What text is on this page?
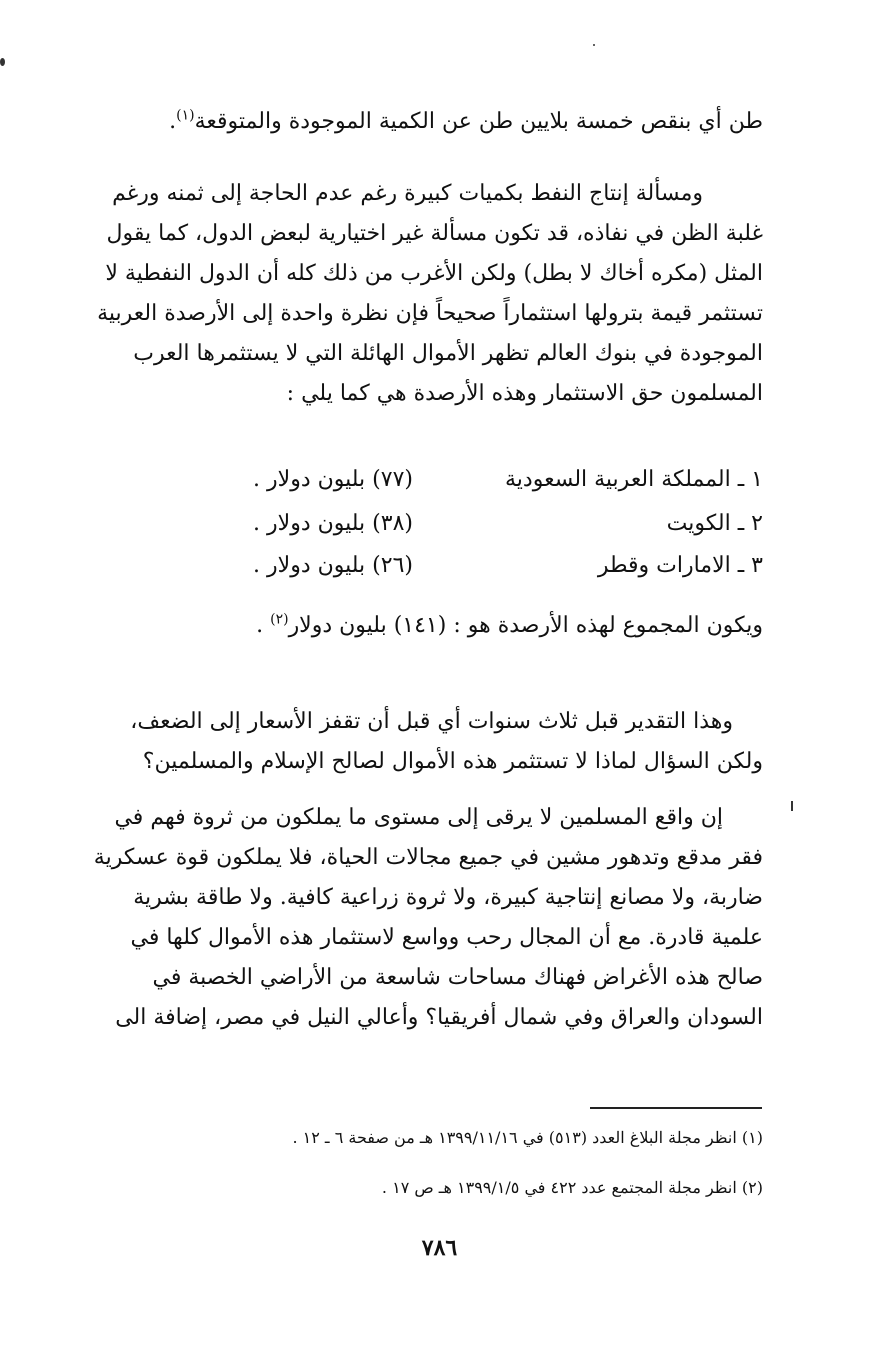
طن أي بنقص خمسة بلايين طن عن الكمية الموجودة والمتوقعة$^{(١)}$.
ومسألة إنتاج النفط بكميات كبيرة رغم عدم الحاجة إلى ثمنه ورغم
غلبة الظن في نفاذه، قد تكون مسألة غير اختيارية لبعض الدول، كما يقول
المثل (مكره أخاك لا بطل) ولكن الأغرب من ذلك كله أن الدول النفطية لا
تستثمر قيمة بترولها استثماراً صحيحاً فإن نظرة واحدة إلى الأرصدة العربية
الموجودة في بنوك العالم تظهر الأموال الهائلة التي لا يستثمرها العرب
المسلمون حق الاستثمار وهذه الأرصدة هي كما يلي :
١ ـ المملكة العربية السعودية
(٧٧) بليون دولار .
٢ ـ الكويت
(٣٨) بليون دولار .
٣ ـ الامارات وقطر
(٢٦) بليون دولار .
ويكون المجموع لهذه الأرصدة هو : (١٤١) بليون دولار$^{(٢)}$ .
وهذا التقدير قبل ثلاث سنوات أي قبل أن تقفز الأسعار إلى الضعف،
ولكن السؤال لماذا لا تستثمر هذه الأموال لصالح الإسلام والمسلمين؟
إن واقع المسلمين لا يرقى إلى مستوى ما يملكون من ثروة فهم في
فقر مدقع وتدهور مشين في جميع مجالات الحياة، فلا يملكون قوة عسكرية
ضاربة، ولا مصانع إنتاجية كبيرة، ولا ثروة زراعية كافية. ولا طاقة بشرية
علمية قادرة. مع أن المجال رحب وواسع لاستثمار هذه الأموال كلها في
صالح هذه الأغراض فهناك مساحات شاسعة من الأراضي الخصبة في
السودان والعراق وفي شمال أفريقيا؟ وأعالي النيل في مصر، إضافة الى
(١) انظر مجلة البلاغ العدد (٥١٣) في ١٣٩٩/١١/١٦ هـ من صفحة ٦ ـ ١٢ .
(٢) انظر مجلة المجتمع عدد ٤٢٢ في ١٣٩٩/١/٥ هـ ص ١٧ .
٧٨٦
